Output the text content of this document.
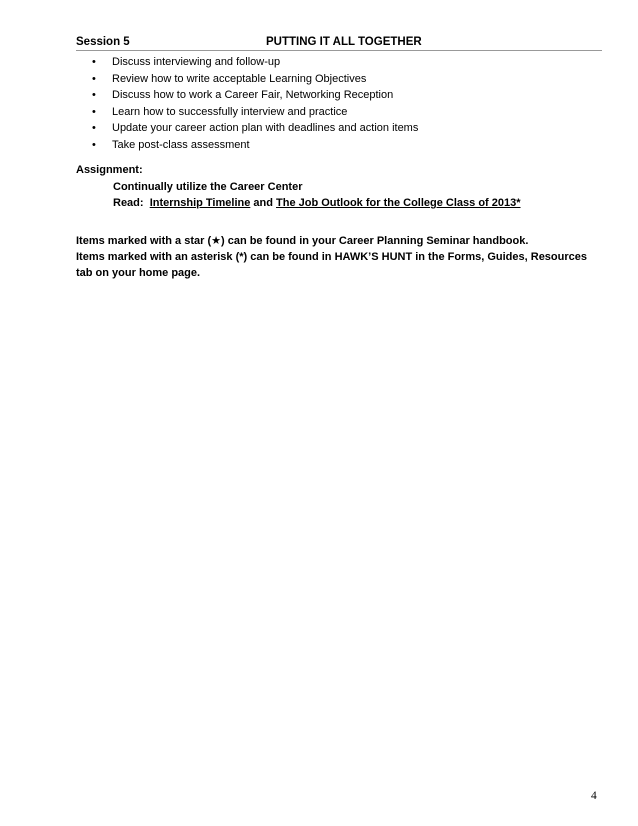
Session 5	PUTTING IT ALL TOGETHER
• Discuss interviewing and follow-up
• Review how to write acceptable Learning Objectives
• Discuss how to work a Career Fair, Networking Reception
• Learn how to successfully interview and practice
• Update your career action plan with deadlines and action items
• Take post-class assessment
Assignment:
Continually utilize the Career Center
Read:  Internship Timeline and The Job Outlook for the College Class of 2013*

Items marked with a star (★) can be found in your Career Planning Seminar handbook.

Items marked with an asterisk (*) can be found in HAWK’S HUNT in the Forms, Guides, Resources tab on your home page.

4
